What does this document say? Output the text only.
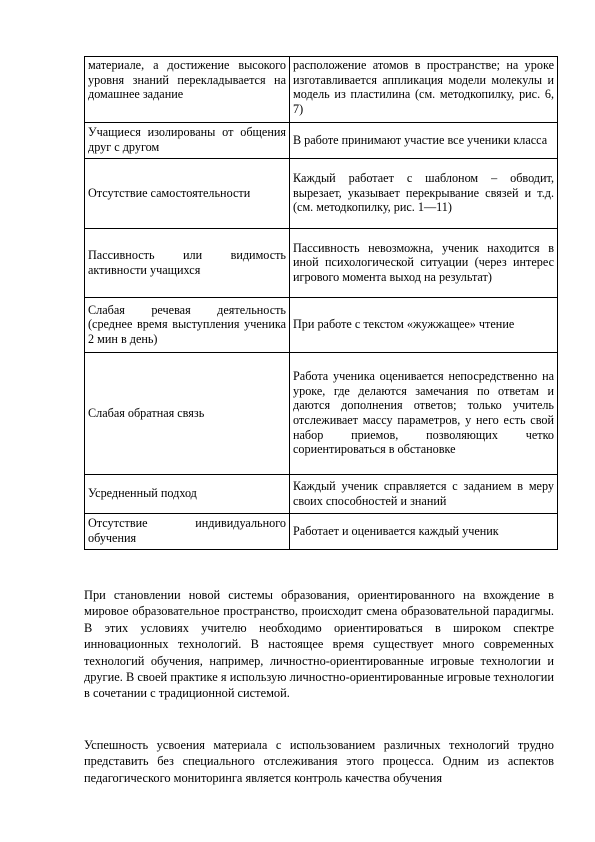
материале, а достижение высокого уровня знаний перекладывается на домашнее задание	расположение атомов в пространстве; на уроке изготавливается аппликация модели молекулы и модель из пластилина (см. методкопилку, рис. 6, 7)
Учащиеся изолированы от общения друг с другом	В работе принимают участие все ученики класса
Отсутствие самостоятельности	Каждый работает с шаблоном – обводит, вырезает, указывает перекрывание связей и т.д. (см. методкопилку, рис. 1—11)
Пассивность или видимость активности учащихся	Пассивность невозможна, ученик находится в иной психологической ситуации (через интерес игрового момента выход на результат)
Слабая речевая деятельность (среднее время выступления ученика 2 мин в день)	При работе с текстом «жужжащее» чтение
Слабая обратная связь	Работа ученика оценивается непосредственно на уроке, где делаются замечания по ответам и даются дополнения ответов; только учитель отслеживает массу параметров, у него есть свой набор приемов, позволяющих четко сориентироваться в обстановке
Усредненный подход	Каждый ученик справляется с заданием в меру своих способностей и знаний
Отсутствие индивидуального обучения	Работает и оценивается каждый ученик

При становлении новой системы образования, ориентированного на вхождение в мировое образовательное пространство, происходит смена образовательной парадигмы. В этих условиях учителю необходимо ориентироваться в широком спектре инновационных технологий. В настоящее время существует много современных технологий обучения, например, личностно-ориентированные игровые технологии и другие. В своей практике я использую личностно-ориентированные игровые технологии в сочетании с традиционной системой.

Успешность усвоения материала с использованием различных технологий трудно представить без специального отслеживания этого процесса. Одним из аспектов педагогического мониторинга является контроль качества обучения
